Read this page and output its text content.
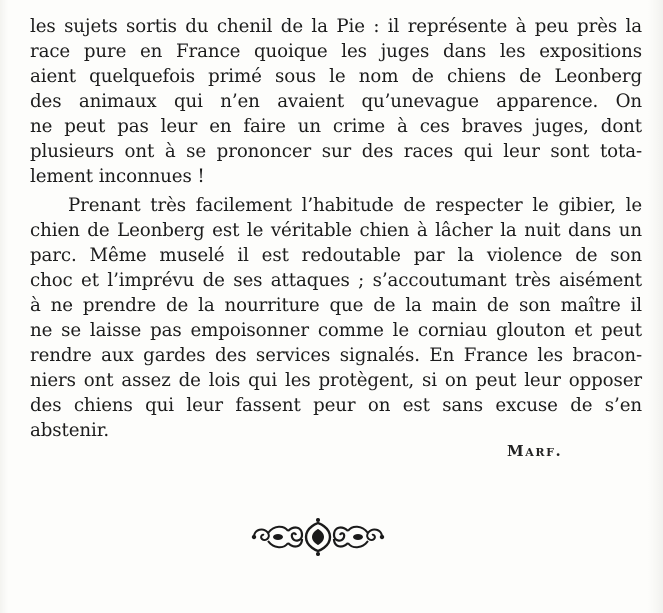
les sujets sortis du chenil de la Pie : il représente à peu près la
race pure en France quoique les juges dans les expositions
aient quelquefois primé sous le nom de chiens de Leonberg
des animaux qui n’en avaient qu’unevague apparence. On
ne peut pas leur en faire un crime à ces braves juges, dont
plusieurs ont à se prononcer sur des races qui leur sont tota-
lement inconnues !
Prenant très facilement l’habitude de respecter le gibier, le
chien de Leonberg est le véritable chien à lâcher la nuit dans un
parc. Même muselé il est redoutable par la violence de son
choc et l’imprévu de ses attaques ; s’accoutumant très aisément
à ne prendre de la nourriture que de la main de son maître il
ne se laisse pas empoisonner comme le corniau glouton et peut
rendre aux gardes des services signalés. En France les bracon-
niers ont assez de lois qui les protègent, si on peut leur opposer
des chiens qui leur fassent peur on est sans excuse de s’en
abstenir.
Marf.
